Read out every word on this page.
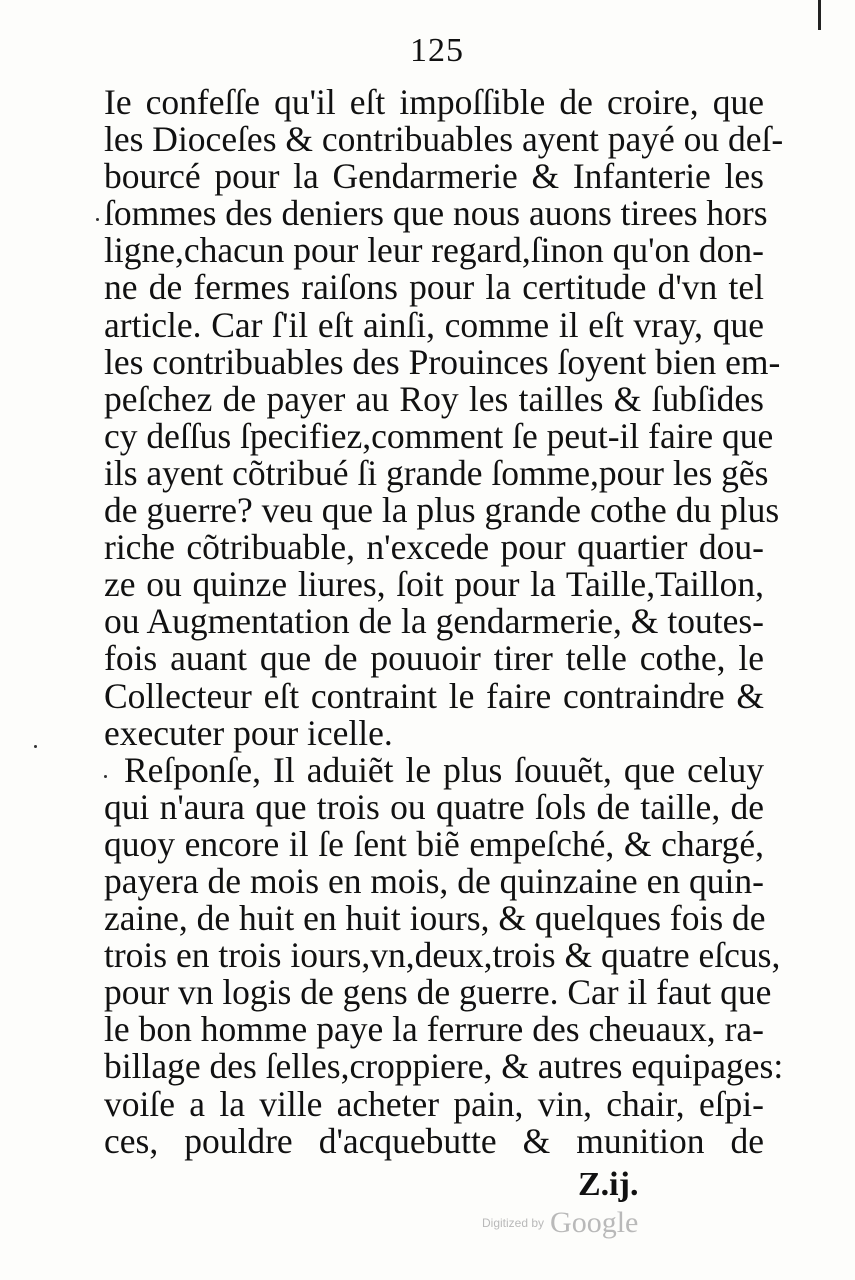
125
Ie confeſſe qu'il eſt impoſſible de croire, que
les Dioceſes & contribuables ayent payé ou deſ-
bourcé pour la Gendarmerie & Infanterie les
ſommes des deniers que nous auons tirees hors
ligne,chacun pour leur regard,ſinon qu'on don-
ne de fermes raiſons pour la certitude d'vn tel
article. Car ſ'il eſt ainſi, comme il eſt vray, que
les contribuables des Prouinces ſoyent bien em-
peſchez de payer au Roy les tailles & ſubſides
cy deſſus ſpecifiez,comment ſe peut-il faire que
ils ayent cõtribué ſi grande ſomme,pour les gẽs
de guerre? veu que la plus grande cothe du plus
riche cõtribuable, n'excede pour quartier dou-
ze ou quinze liures, ſoit pour la Taille,Taillon,
ou Augmentation de la gendarmerie, & toutes-
fois auant que de pouuoir tirer telle cothe, le
Collecteur eſt contraint le faire contraindre &
executer pour icelle.
Reſponſe, Il aduiẽt le plus ſouuẽt, que celuy
qui n'aura que trois ou quatre ſols de taille, de
quoy encore il ſe ſent biẽ empeſché, & chargé,
payera de mois en mois, de quinzaine en quin-
zaine, de huit en huit iours, & quelques fois de
trois en trois iours,vn,deux,trois & quatre eſcus,
pour vn logis de gens de guerre. Car il faut que
le bon homme paye la ferrure des cheuaux, ra-
billage des ſelles,croppiere, & autres equipages:
voiſe a la ville acheter pain, vin, chair, eſpi-
ces, pouldre d'acquebutte & munition de
Z.ij.
Digitized by Google
